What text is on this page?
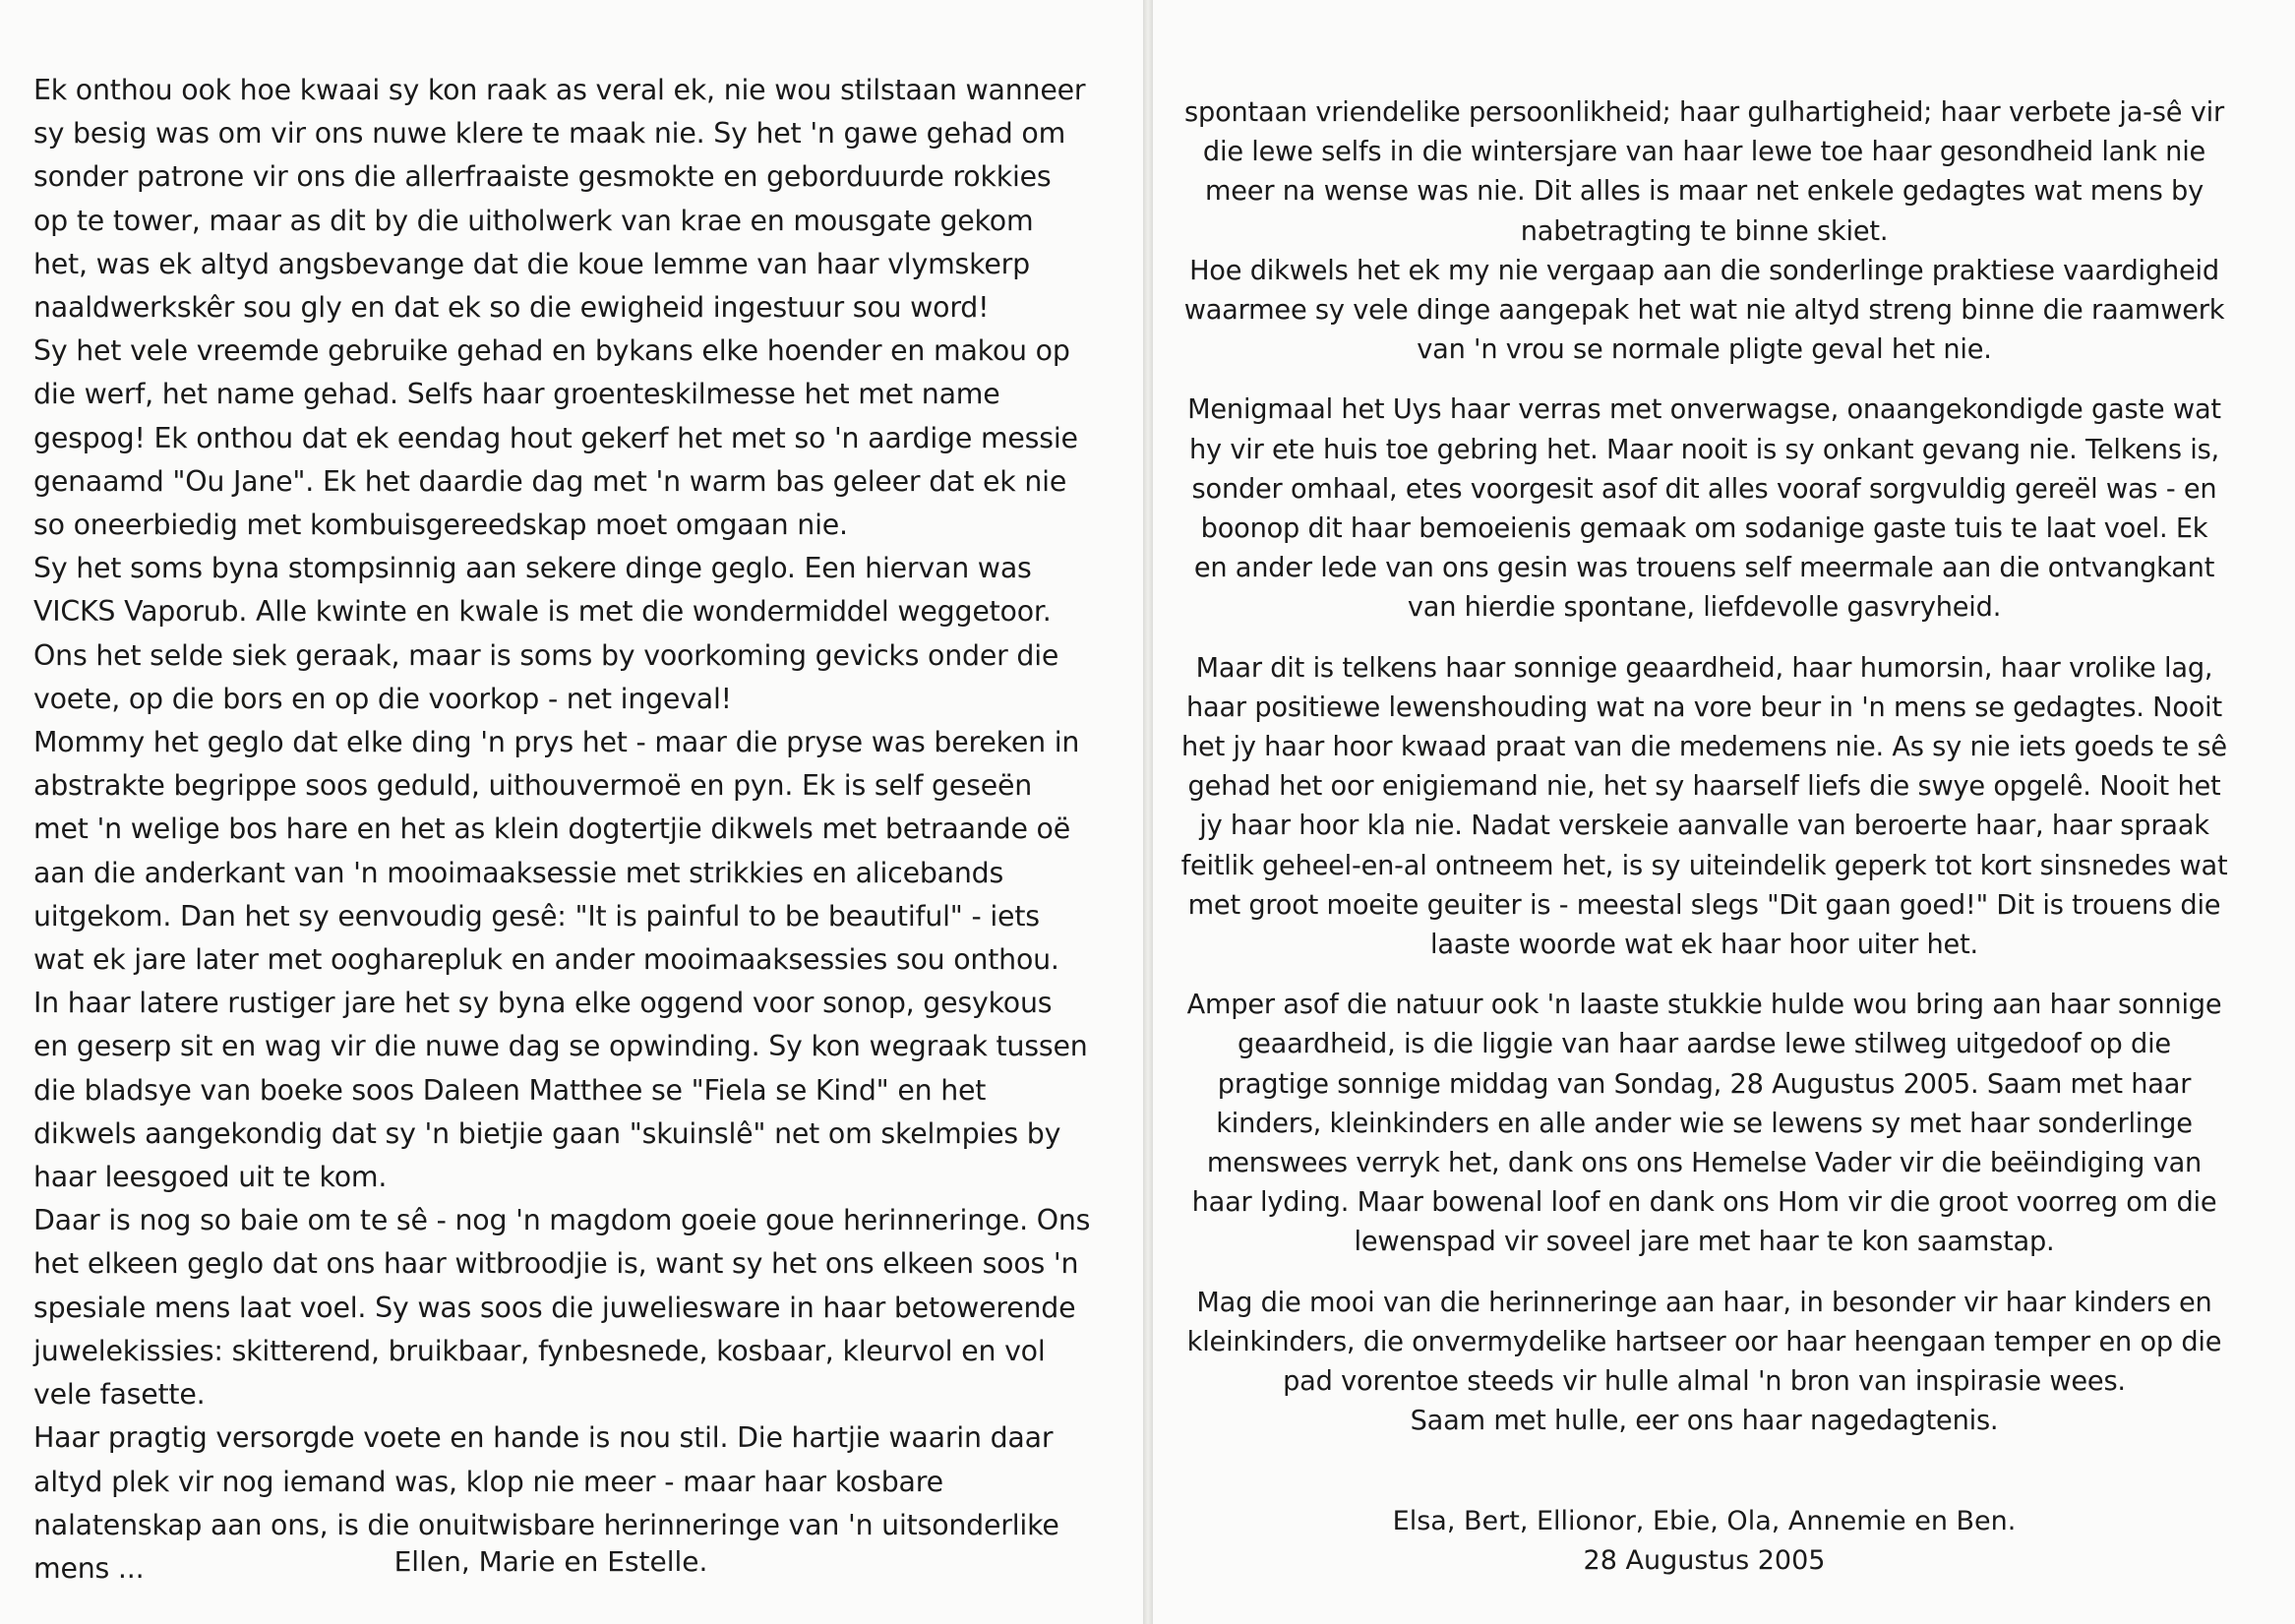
Ek onthou ook hoe kwaai sy kon raak as veral ek, nie wou stilstaan wanneer sy besig was om vir ons nuwe klere te maak nie. Sy het 'n gawe gehad om sonder patrone vir ons die allerfraaiste gesmokte en geborduurde rokkies op te tower, maar as dit by die uitholwerk van krae en mousgate gekom het, was ek altyd angsbevange dat die koue lemme van haar vlymskerp naaldwerkskêr sou gly en dat ek so die ewigheid ingestuur sou word!

Sy het vele vreemde gebruike gehad en bykans elke hoender en makou op die werf, het name gehad. Selfs haar groenteskilmesse het met name gespog! Ek onthou dat ek eendag hout gekerf het met so 'n aardige messie genaamd "Ou Jane". Ek het daardie dag met 'n warm bas geleer dat ek nie so oneerbiedig met kombuisgereedskap moet omgaan nie.

Sy het soms byna stompsinnig aan sekere dinge geglo. Een hiervan was VICKS Vaporub. Alle kwinte en kwale is met die wondermiddel weggetoor. Ons het selde siek geraak, maar is soms by voorkoming gevicks onder die voete, op die bors en op die voorkop - net ingeval!

Mommy het geglo dat elke ding 'n prys het - maar die pryse was bereken in abstrakte begrippe soos geduld, uithouvermoë en pyn. Ek is self geseën met 'n welige bos hare en het as klein dogtertjie dikwels met betraande oë aan die anderkant van 'n mooimaaksessie met strikkies en alicebands uitgekom. Dan het sy eenvoudig gesê: "It is painful to be beautiful" - iets wat ek jare later met oogharepluk en ander mooimaaksessies sou onthou. In haar latere rustiger jare het sy byna elke oggend voor sonop, gesykous en geserp sit en wag vir die nuwe dag se opwinding. Sy kon wegraak tussen die bladsye van boeke soos Daleen Matthee se "Fiela se Kind" en het dikwels aangekondig dat sy 'n bietjie gaan "skuinslê" net om skelmpies by haar leesgoed uit te kom.

Daar is nog so baie om te sê - nog 'n magdom goeie goue herinneringe. Ons het elkeen geglo dat ons haar witbroodjie is, want sy het ons elkeen soos 'n spesiale mens laat voel. Sy was soos die juweliesware in haar betowerende juwelekissies: skitterend, bruikbaar, fynbesnede, kosbaar, kleurvol en vol vele fasette.

Haar pragtig versorgde voete en hande is nou stil. Die hartjie waarin daar altyd plek vir nog iemand was, klop nie meer - maar haar kosbare nalatenskap aan ons, is die onuitwisbare herinneringe van 'n uitsonderlike mens ...	Ellen, Marie en Estelle.

spontaan vriendelike persoonlikheid; haar gulhartigheid; haar verbete ja-sê vir die lewe selfs in die wintersjare van haar lewe toe haar gesondheid lank nie meer na wense was nie. Dit alles is maar net enkele gedagtes wat mens by nabetragting te binne skiet.

Hoe dikwels het ek my nie vergaap aan die sonderlinge praktiese vaardigheid waarmee sy vele dinge aangepak het wat nie altyd streng binne die raamwerk van 'n vrou se normale pligte geval het nie.

Menigmaal het Uys haar verras met onverwagse, onaangekondigde gaste wat hy vir ete huis toe gebring het. Maar nooit is sy onkant gevang nie. Telkens is, sonder omhaal, etes voorgesit asof dit alles vooraf sorgvuldig gereël was - en boonop dit haar bemoeienis gemaak om sodanige gaste tuis te laat voel. Ek en ander lede van ons gesin was trouens self meermale aan die ontvangkant van hierdie spontane, liefdevolle gasvryheid.

Maar dit is telkens haar sonnige geaardheid, haar humorsin, haar vrolike lag, haar positiewe lewenshouding wat na vore beur in 'n mens se gedagtes. Nooit het jy haar hoor kwaad praat van die medemens nie. As sy nie iets goeds te sê gehad het oor enigiemand nie, het sy haarself liefs die swye opgelê. Nooit het jy haar hoor kla nie. Nadat verskeie aanvalle van beroerte haar, haar spraak feitlik geheel-en-al ontneem het, is sy uiteindelik geperk tot kort sinsnedes wat met groot moeite geuiter is - meestal slegs "Dit gaan goed!" Dit is trouens die laaste woorde wat ek haar hoor uiter het.

Amper asof die natuur ook 'n laaste stukkie hulde wou bring aan haar sonnige geaardheid, is die liggie van haar aardse lewe stilweg uitgedoof op die pragtige sonnige middag van Sondag, 28 Augustus 2005. Saam met haar kinders, kleinkinders en alle ander wie se lewens sy met haar sonderlinge menswees verryk het, dank ons ons Hemelse Vader vir die beëindiging van haar lyding. Maar bowenal loof en dank ons Hom vir die groot voorreg om die lewenspad vir soveel jare met haar te kon saamstap.

Mag die mooi van die herinneringe aan haar, in besonder vir haar kinders en kleinkinders, die onvermydelike hartseer oor haar heengaan temper en op die pad vorentoe steeds vir hulle almal 'n bron van inspirasie wees.

Saam met hulle, eer ons haar nagedagtenis.

Elsa, Bert, Ellionor, Ebie, Ola, Annemie en Ben.
28 Augustus 2005
